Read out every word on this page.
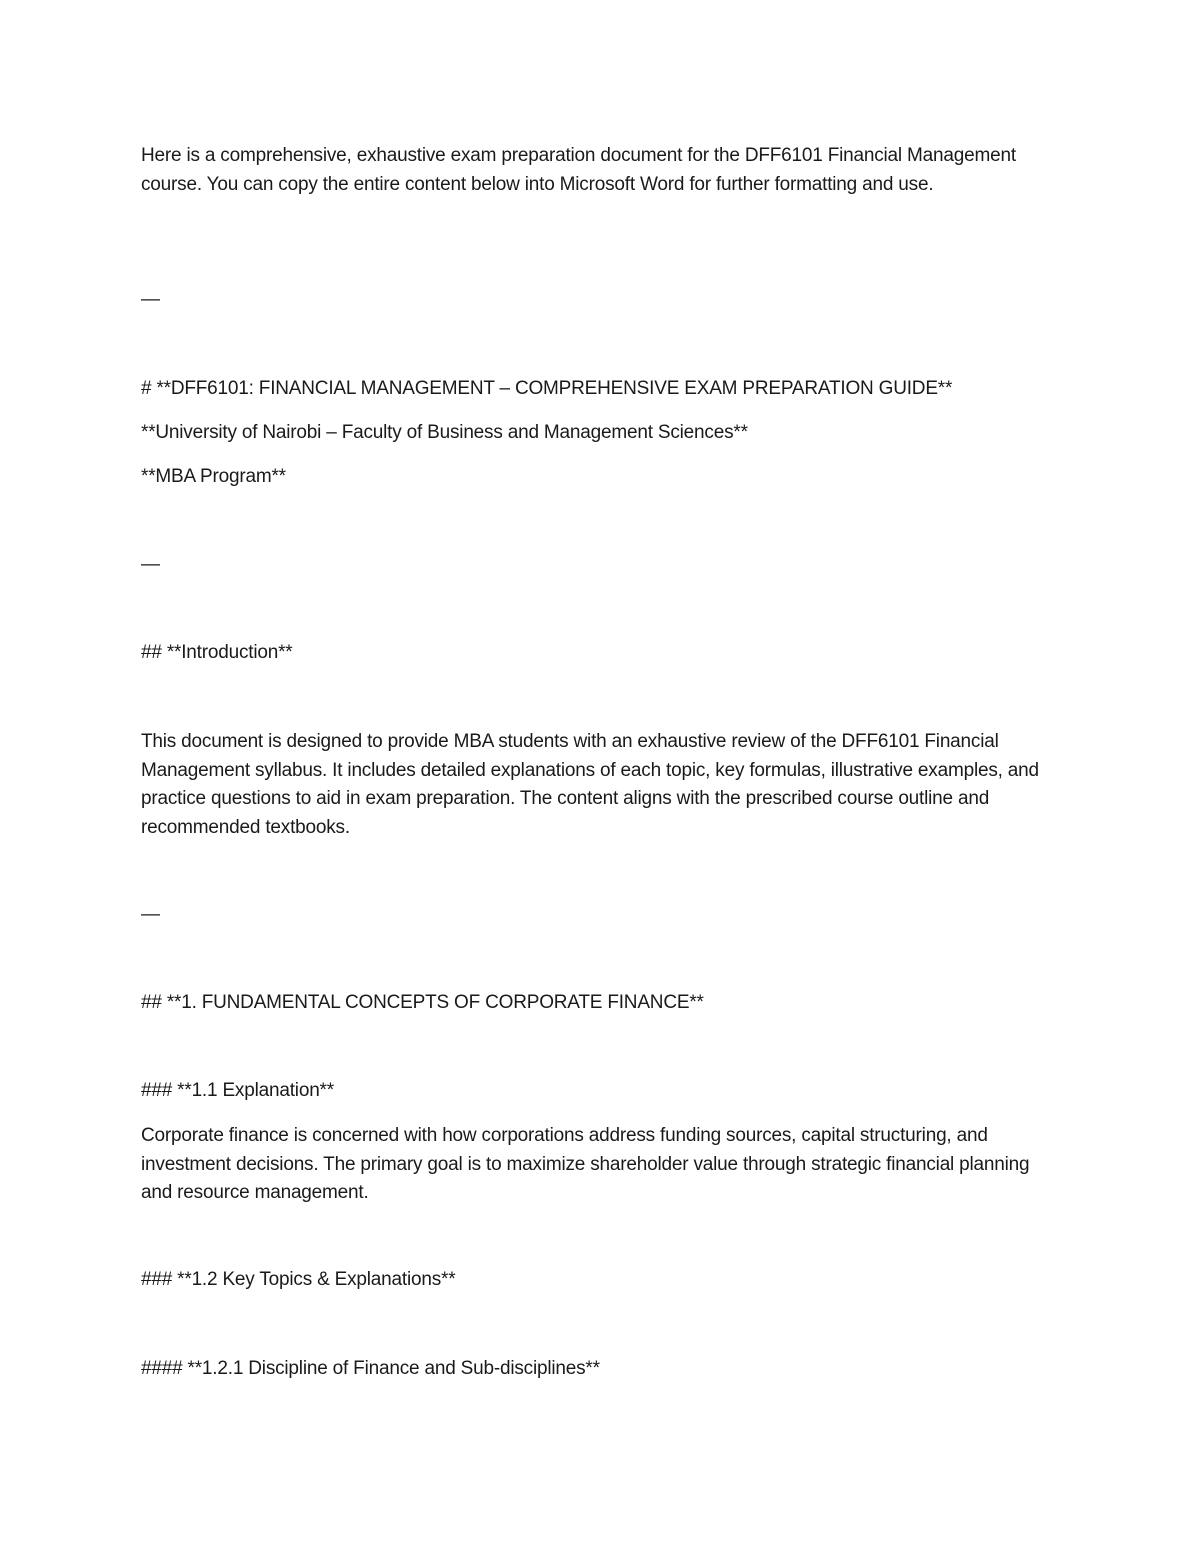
Here is a comprehensive, exhaustive exam preparation document for the DFF6101 Financial Management course. You can copy the entire content below into Microsoft Word for further formatting and use.

—

# **DFF6101: FINANCIAL MANAGEMENT – COMPREHENSIVE EXAM PREPARATION GUIDE**

**University of Nairobi – Faculty of Business and Management Sciences**

**MBA Program**

—

## **Introduction**

This document is designed to provide MBA students with an exhaustive review of the DFF6101 Financial Management syllabus. It includes detailed explanations of each topic, key formulas, illustrative examples, and practice questions to aid in exam preparation. The content aligns with the prescribed course outline and recommended textbooks.

—

## **1. FUNDAMENTAL CONCEPTS OF CORPORATE FINANCE**

### **1.1 Explanation**

Corporate finance is concerned with how corporations address funding sources, capital structuring, and investment decisions. The primary goal is to maximize shareholder value through strategic financial planning and resource management.

### **1.2 Key Topics & Explanations**

#### **1.2.1 Discipline of Finance and Sub-disciplines**
